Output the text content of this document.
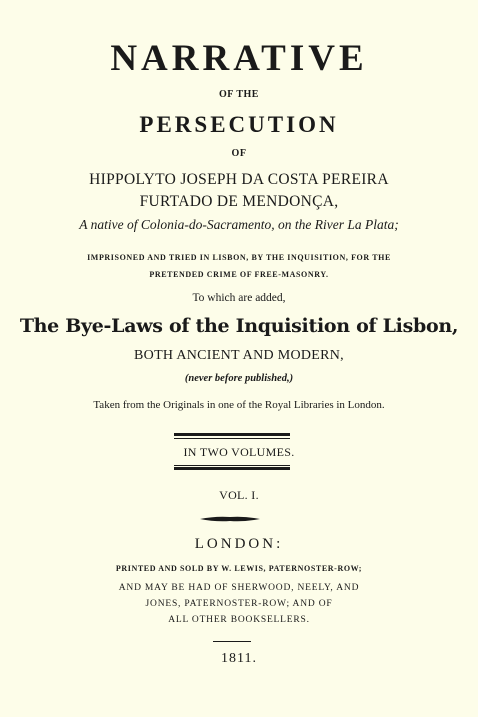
NARRATIVE
OF THE
PERSECUTION
OF
HIPPOLYTO JOSEPH DA COSTA PEREIRA
FURTADO DE MENDONÇA,
A native of Colonia-do-Sacramento, on the River La Plata;
IMPRISONED AND TRIED IN LISBON, BY THE INQUISITION, FOR THE
PRETENDED CRIME OF FREE-MASONRY.
To which are added,
The Bye-Laws of the Inquisition of Lisbon,
BOTH ANCIENT AND MODERN,
(never before published,)
Taken from the Originals in one of the Royal Libraries in London.
IN TWO VOLUMES.
VOL. I.
LONDON:
PRINTED AND SOLD BY W. LEWIS, PATERNOSTER-ROW;
AND MAY BE HAD OF SHERWOOD, NEELY, AND
JONES, PATERNOSTER-ROW; AND OF
ALL OTHER BOOKSELLERS.
1811.
